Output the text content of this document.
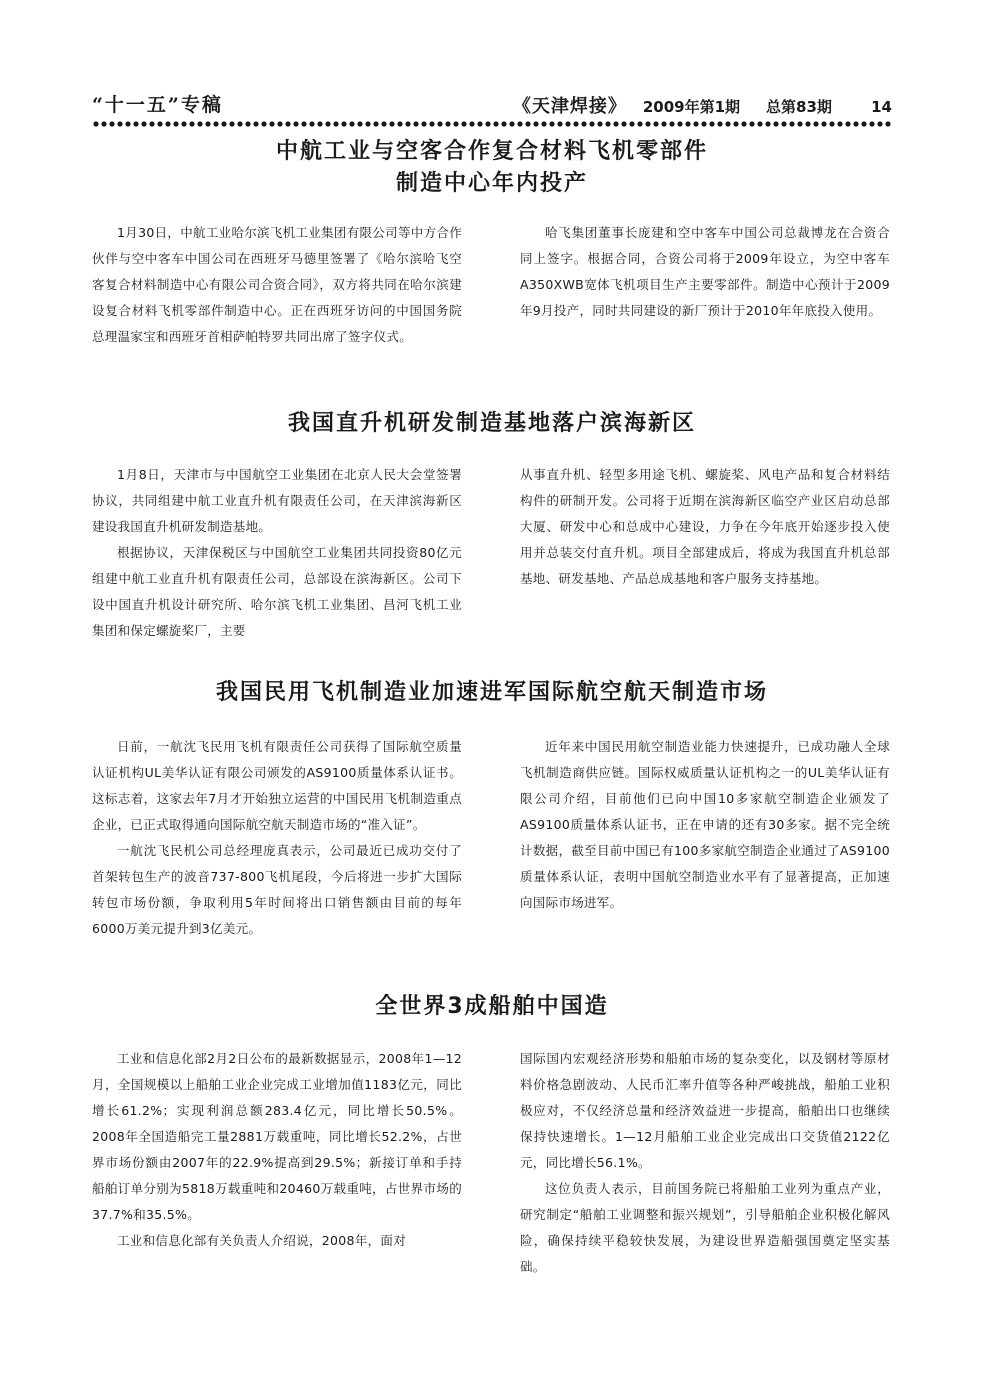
“十一五”专稿	《天津焊接》 2009年第1期 总第83期	14
中航工业与空客合作复合材料飞机零部件
制造中心年内投产

1月30日，中航工业哈尔滨飞机工业集团有限公司等中方合作伙伴与空中客车中国公司在西班牙马德里签署了《哈尔滨哈飞空客复合材料制造中心有限公司合资合同》，双方将共同在哈尔滨建设复合材料飞机零部件制造中心。正在西班牙访问的中国国务院总理温家宝和西班牙首相萨帕特罗共同出席了签字仪式。

哈飞集团董事长庞建和空中客车中国公司总裁博龙在合资合同上签字。根据合同，合资公司将于2009年设立，为空中客车A350XWB宽体飞机项目生产主要零部件。制造中心预计于2009年9月投产，同时共同建设的新厂预计于2010年年底投入使用。

我国直升机研发制造基地落户滨海新区

1月8日，天津市与中国航空工业集团在北京人民大会堂签署协议，共同组建中航工业直升机有限责任公司，在天津滨海新区建设我国直升机研发制造基地。

根据协议，天津保税区与中国航空工业集团共同投资80亿元组建中航工业直升机有限责任公司，总部设在滨海新区。公司下设中国直升机设计研究所、哈尔滨飞机工业集团、昌河飞机工业集团和保定螺旋桨厂，主要

从事直升机、轻型多用途飞机、螺旋桨、风电产品和复合材料结构件的研制开发。公司将于近期在滨海新区临空产业区启动总部大厦、研发中心和总成中心建设，力争在今年底开始逐步投入使用并总装交付直升机。项目全部建成后，将成为我国直升机总部基地、研发基地、产品总成基地和客户服务支持基地。

我国民用飞机制造业加速进军国际航空航天制造市场

日前，一航沈飞民用飞机有限责任公司获得了国际航空质量认证机构UL美华认证有限公司颁发的AS9100质量体系认证书。这标志着，这家去年7月才开始独立运营的中国民用飞机制造重点企业，已正式取得通向国际航空航天制造市场的“准入证”。

一航沈飞民机公司总经理庞真表示，公司最近已成功交付了首架转包生产的波音737-800飞机尾段，今后将进一步扩大国际转包市场份额，争取利用5年时间将出口销售额由目前的每年6000万美元提升到3亿美元。

近年来中国民用航空制造业能力快速提升，已成功融人全球飞机制造商供应链。国际权威质量认证机构之一的UL美华认证有限公司介绍，目前他们已向中国10多家航空制造企业颁发了AS9100质量体系认证书，正在申请的还有30多家。据不完全统计数据，截至目前中国已有100多家航空制造企业通过了AS9100质量体系认证，表明中国航空制造业水平有了显著提高，正加速向国际市场进军。

全世界3成船舶中国造

工业和信息化部2月2日公布的最新数据显示，2008年1—12月，全国规模以上船舶工业企业完成工业增加值1183亿元，同比增长61.2%；实现利润总额283.4亿元，同比增长50.5%。2008年全国造船完工量2881万载重吨，同比增长52.2%，占世界市场份额由2007年的22.9%提高到29.5%；新接订单和手持船舶订单分别为5818万载重吨和20460万载重吨，占世界市场的37.7%和35.5%。

工业和信息化部有关负责人介绍说，2008年，面对

国际国内宏观经济形势和船舶市场的复杂变化，以及钢材等原材料价格急剧波动、人民币汇率升值等各种严峻挑战，船舶工业积极应对，不仅经济总量和经济效益进一步提高，船舶出口也继续保持快速增长。1—12月船舶工业企业完成出口交货值2122亿元，同比增长56.1%。

这位负责人表示，目前国务院已将船舶工业列为重点产业，研究制定“船舶工业调整和振兴规划”，引导船舶企业积极化解风险，确保持续平稳较快发展，为建设世界造船强国奠定坚实基础。
